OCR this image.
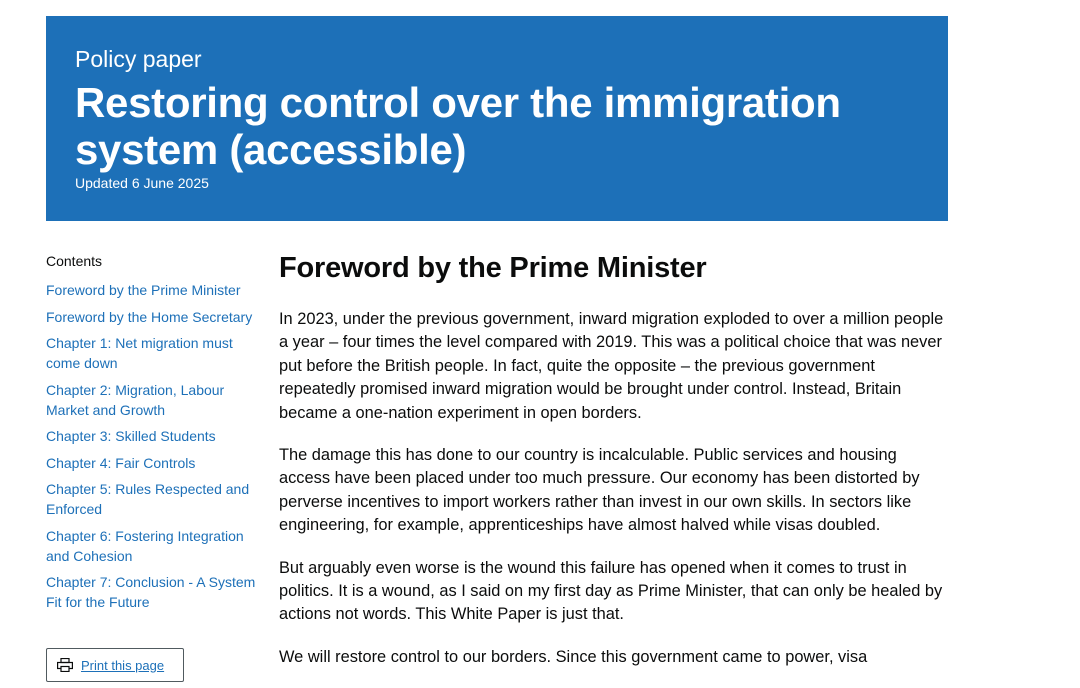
Policy paper
Restoring control over the immigration system (accessible)
Updated 6 June 2025
Contents
Foreword by the Prime Minister
Foreword by the Home Secretary
Chapter 1: Net migration must come down
Chapter 2: Migration, Labour Market and Growth
Chapter 3: Skilled Students
Chapter 4: Fair Controls
Chapter 5: Rules Respected and Enforced
Chapter 6: Fostering Integration and Cohesion
Chapter 7: Conclusion - A System Fit for the Future
Print this page
Foreword by the Prime Minister

In 2023, under the previous government, inward migration exploded to over a million people a year – four times the level compared with 2019. This was a political choice that was never put before the British people. In fact, quite the opposite – the previous government repeatedly promised inward migration would be brought under control. Instead, Britain became a one-nation experiment in open borders.

The damage this has done to our country is incalculable. Public services and housing access have been placed under too much pressure. Our economy has been distorted by perverse incentives to import workers rather than invest in our own skills. In sectors like engineering, for example, apprenticeships have almost halved while visas doubled.

But arguably even worse is the wound this failure has opened when it comes to trust in politics. It is a wound, as I said on my first day as Prime Minister, that can only be healed by actions not words. This White Paper is just that.

We will restore control to our borders. Since this government came to power, visa
